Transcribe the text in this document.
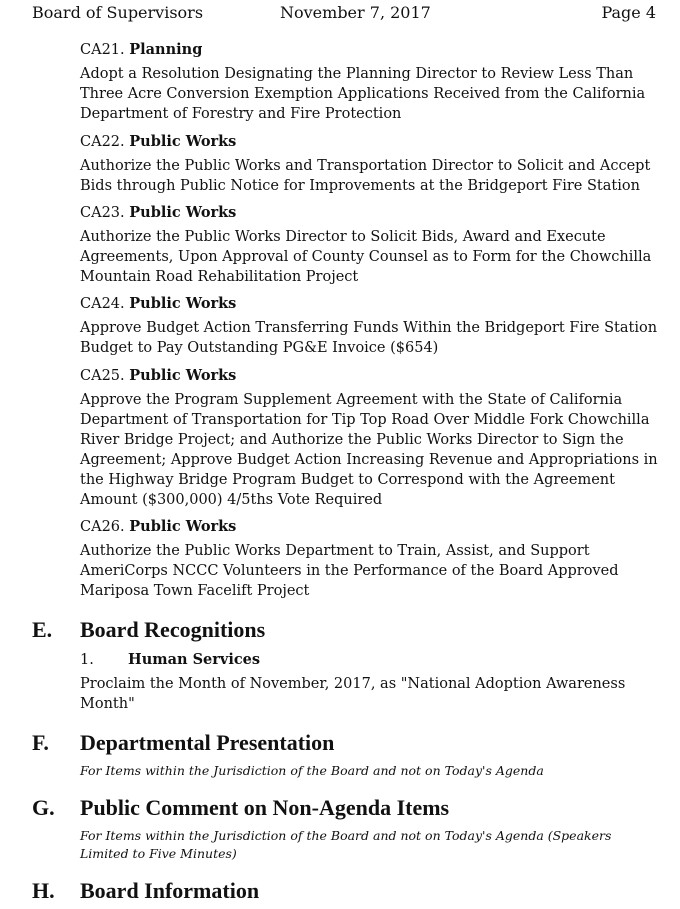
Board of Supervisors	November 7, 2017	Page 4
CA21. Planning
Adopt a Resolution Designating the Planning Director to Review Less Than Three Acre Conversion Exemption Applications Received from the California Department of Forestry and Fire Protection
CA22. Public Works
Authorize the Public Works and Transportation Director to Solicit and Accept Bids through Public Notice for Improvements at the Bridgeport Fire Station
CA23. Public Works
Authorize the Public Works Director to Solicit Bids, Award and Execute Agreements, Upon Approval of County Counsel as to Form for the Chowchilla Mountain Road Rehabilitation Project
CA24. Public Works
Approve Budget Action Transferring Funds Within the Bridgeport Fire Station Budget to Pay Outstanding PG&E Invoice ($654)
CA25. Public Works
Approve the Program Supplement Agreement with the State of California Department of Transportation for Tip Top Road Over Middle Fork Chowchilla River Bridge Project; and Authorize the Public Works Director to Sign the Agreement; Approve Budget Action Increasing Revenue and Appropriations in the Highway Bridge Program Budget to Correspond with the Agreement Amount ($300,000) 4/5ths Vote Required
CA26. Public Works
Authorize the Public Works Department to Train, Assist, and Support AmeriCorps NCCC Volunteers in the Performance of the Board Approved Mariposa Town Facelift Project
E. Board Recognitions
1. Human Services
Proclaim the Month of November, 2017, as "National Adoption Awareness Month"
F. Departmental Presentation
For Items within the Jurisdiction of the Board and not on Today's Agenda
G. Public Comment on Non-Agenda Items
For Items within the Jurisdiction of the Board and not on Today's Agenda (Speakers Limited to Five Minutes)
H. Board Information
